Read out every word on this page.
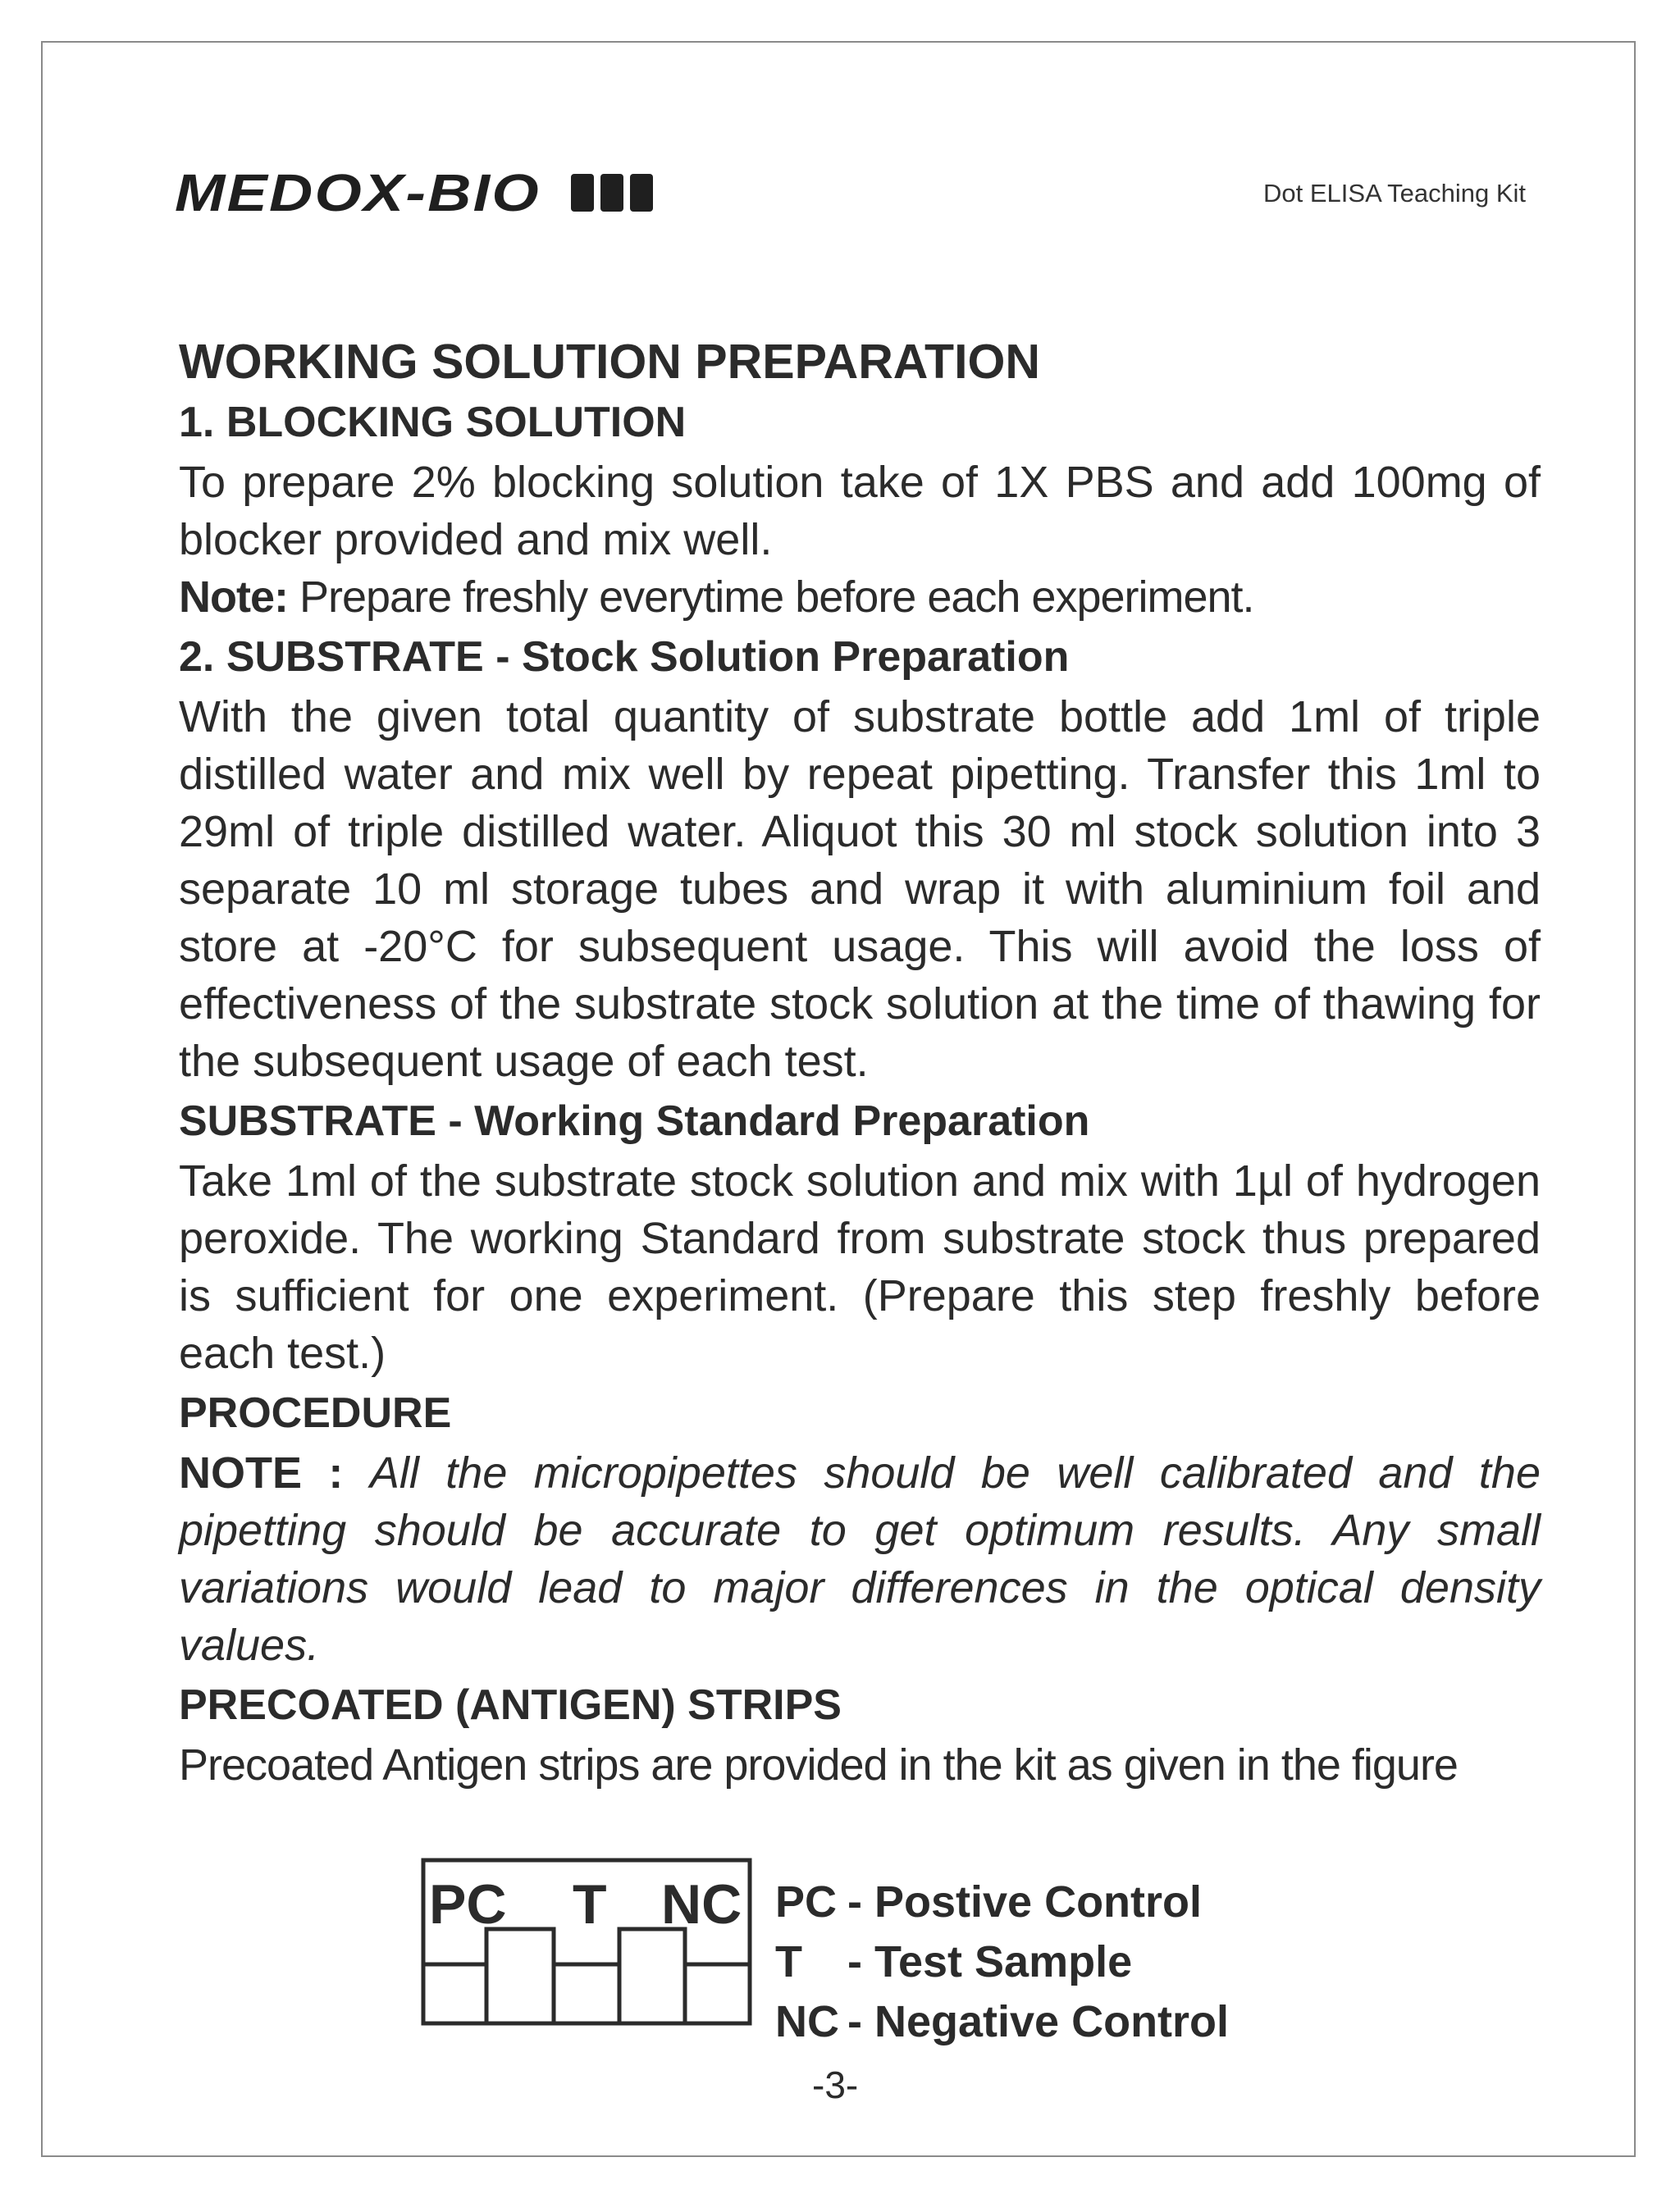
MEDOX-BIO	Dot ELISA Teaching Kit

WORKING SOLUTION PREPARATION

1. BLOCKING SOLUTION

To prepare 2% blocking solution take of 1X PBS and add 100mg of blocker provided and mix well.

Note: Prepare freshly everytime before each experiment.

2. SUBSTRATE - Stock Solution Preparation

With the given total quantity of substrate bottle add 1ml of triple distilled water and mix well by repeat pipetting. Transfer this 1ml to 29ml of triple distilled water. Aliquot this 30 ml stock solution into 3 separate 10 ml storage tubes and wrap it with aluminium foil and store at -20°C for subsequent usage. This will avoid the loss of effectiveness of the substrate stock solution at the time of thawing for the subsequent usage of each test.

SUBSTRATE - Working Standard Preparation

Take 1ml of the substrate stock solution and mix with 1µl of hydrogen peroxide. The working Standard from substrate stock thus prepared is sufficient for one experiment. (Prepare this step freshly before each test.)

PROCEDURE

NOTE : All the micropipettes should be well calibrated and the pipetting should be accurate to get optimum results. Any small variations would lead to major differences in the optical density values.

PRECOATED (ANTIGEN) STRIPS

Precoated Antigen strips are provided in the kit as given in the figure

PC T NC PC - Postive Control
T	- Test Sample
NC - Negative Control
-3-
